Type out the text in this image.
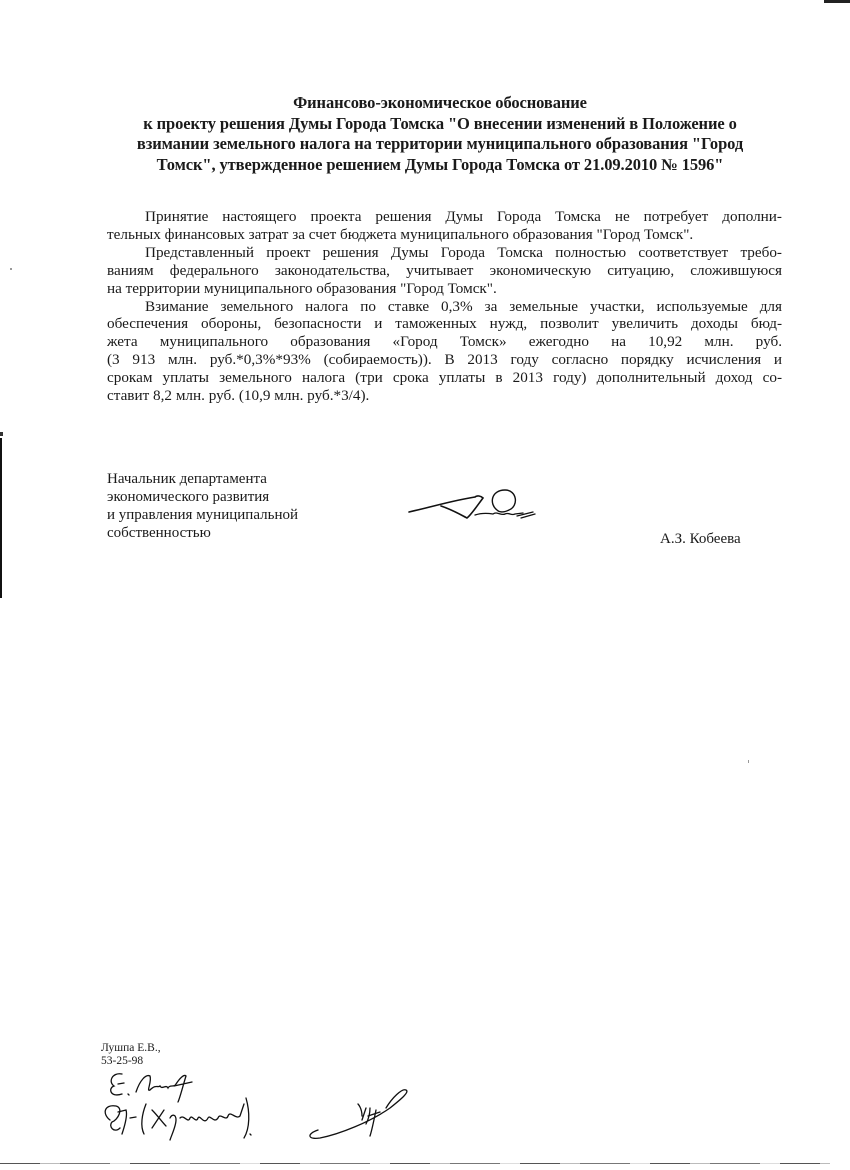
Финансово-экономическое обоснование
к проекту решения Думы Города Томска "О внесении изменений в Положение о
взимании земельного налога на территории муниципального образования "Город
Томск", утвержденное решением Думы Города Томска от 21.09.2010 № 1596"

Принятие настоящего проекта решения Думы Города Томска не потребует дополни-
тельных финансовых затрат за счет бюджета муниципального образования "Город Томск".

Представленный проект решения Думы Города Томска полностью соответствует требо-
ваниям федерального законодательства, учитывает экономическую ситуацию, сложившуюся
на территории муниципального образования "Город Томск".

Взимание земельного налога по ставке 0,3% за земельные участки, используемые для
обеспечения обороны, безопасности и таможенных нужд, позволит увеличить доходы бюд-
жета муниципального образования «Город Томск» ежегодно на 10,92 млн. руб.
(3 913 млн. руб.*0,3%*93% (собираемость)). В 2013 году согласно порядку исчисления и
срокам уплаты земельного налога (три срока уплаты в 2013 году) дополнительный доход со-
ставит 8,2 млн. руб. (10,9 млн. руб.*3/4).

Начальник департамента
экономического развития
и управления муниципальной
собственностью	А.З. Кобеева
Лушпа Е.В.,
53-25-98
